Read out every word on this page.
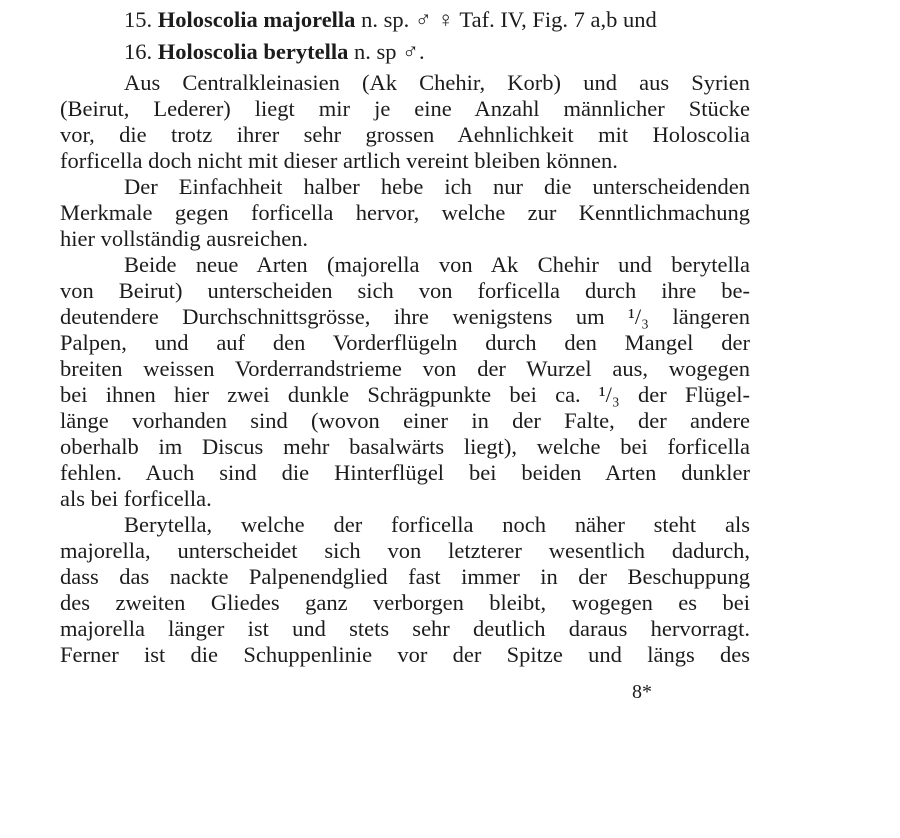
15. Holoscolia majorella n. sp. ♂ ♀ Taf. IV, Fig. 7 a,b und
16. Holoscolia berytella n. sp ♂.
Aus Centralkleinasien (Ak Chehir, Korb) und aus Syrien
(Beirut, Lederer) liegt mir je eine Anzahl männlicher Stücke
vor, die trotz ihrer sehr grossen Aehnlichkeit mit Holoscolia
forficella doch nicht mit dieser artlich vereint bleiben können.
Der Einfachheit halber hebe ich nur die unterscheidenden
Merkmale gegen forficella hervor, welche zur Kenntlichmachung
hier vollständig ausreichen.
Beide neue Arten (majorella von Ak Chehir und berytella
von Beirut) unterscheiden sich von forficella durch ihre be-
deutendere Durchschnittsgrösse, ihre wenigstens um ¹/₃ längeren
Palpen, und auf den Vorderflügeln durch den Mangel der
breiten weissen Vorderrandstrieme von der Wurzel aus, wogegen
bei ihnen hier zwei dunkle Schrägpunkte bei ca. ¹/₃ der Flügel-
länge vorhanden sind (wovon einer in der Falte, der andere
oberhalb im Discus mehr basalwärts liegt), welche bei forficella
fehlen. Auch sind die Hinterflügel bei beiden Arten dunkler
als bei forficella.
Berytella, welche der forficella noch näher steht als
majorella, unterscheidet sich von letzterer wesentlich dadurch,
dass das nackte Palpenendglied fast immer in der Beschuppung
des zweiten Gliedes ganz verborgen bleibt, wogegen es bei
majorella länger ist und stets sehr deutlich daraus hervorragt.
Ferner ist die Schuppenlinie vor der Spitze und längs des
8*
